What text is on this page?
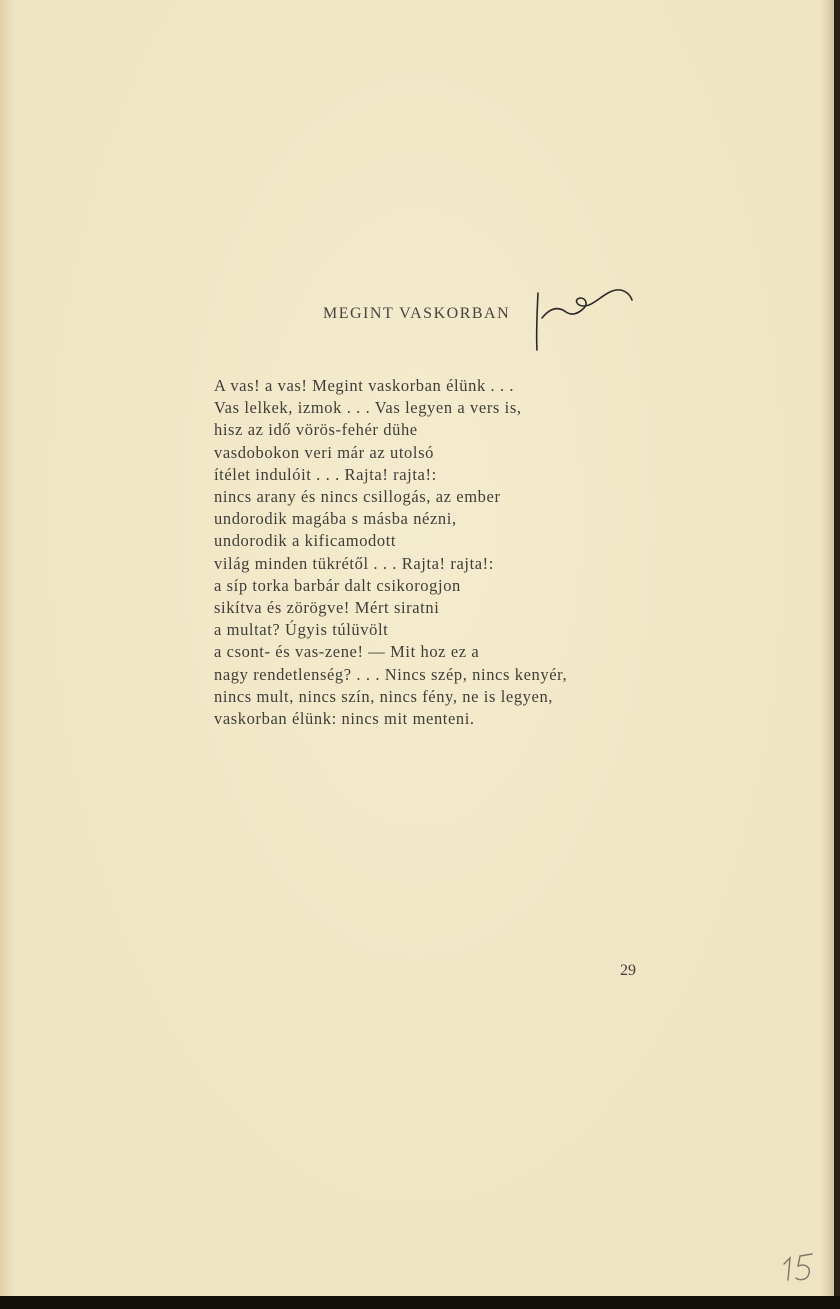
MEGINT VASKORBAN
A vas! a vas! Megint vaskorban élünk . . .
Vas lelkek, izmok . . . Vas legyen a vers is,
hisz az idő vörös-fehér dühe
vasdobokon veri már az utolsó
ítélet indulóit . . . Rajta! rajta!:
nincs arany és nincs csillogás, az ember
undorodik magába s másba nézni,
undorodik a kificamodott
világ minden tükrétől . . . Rajta! rajta!:
a síp torka barbár dalt csikorogjon
sikítva és zörögve! Mért siratni
a multat? Úgyis túlüvölt
a csont- és vas-zene! — Mit hoz ez a
nagy rendetlenség? . . . Nincs szép, nincs kenyér,
nincs mult, nincs szín, nincs fény, ne is legyen,
vaskorban élünk: nincs mit menteni.
29
